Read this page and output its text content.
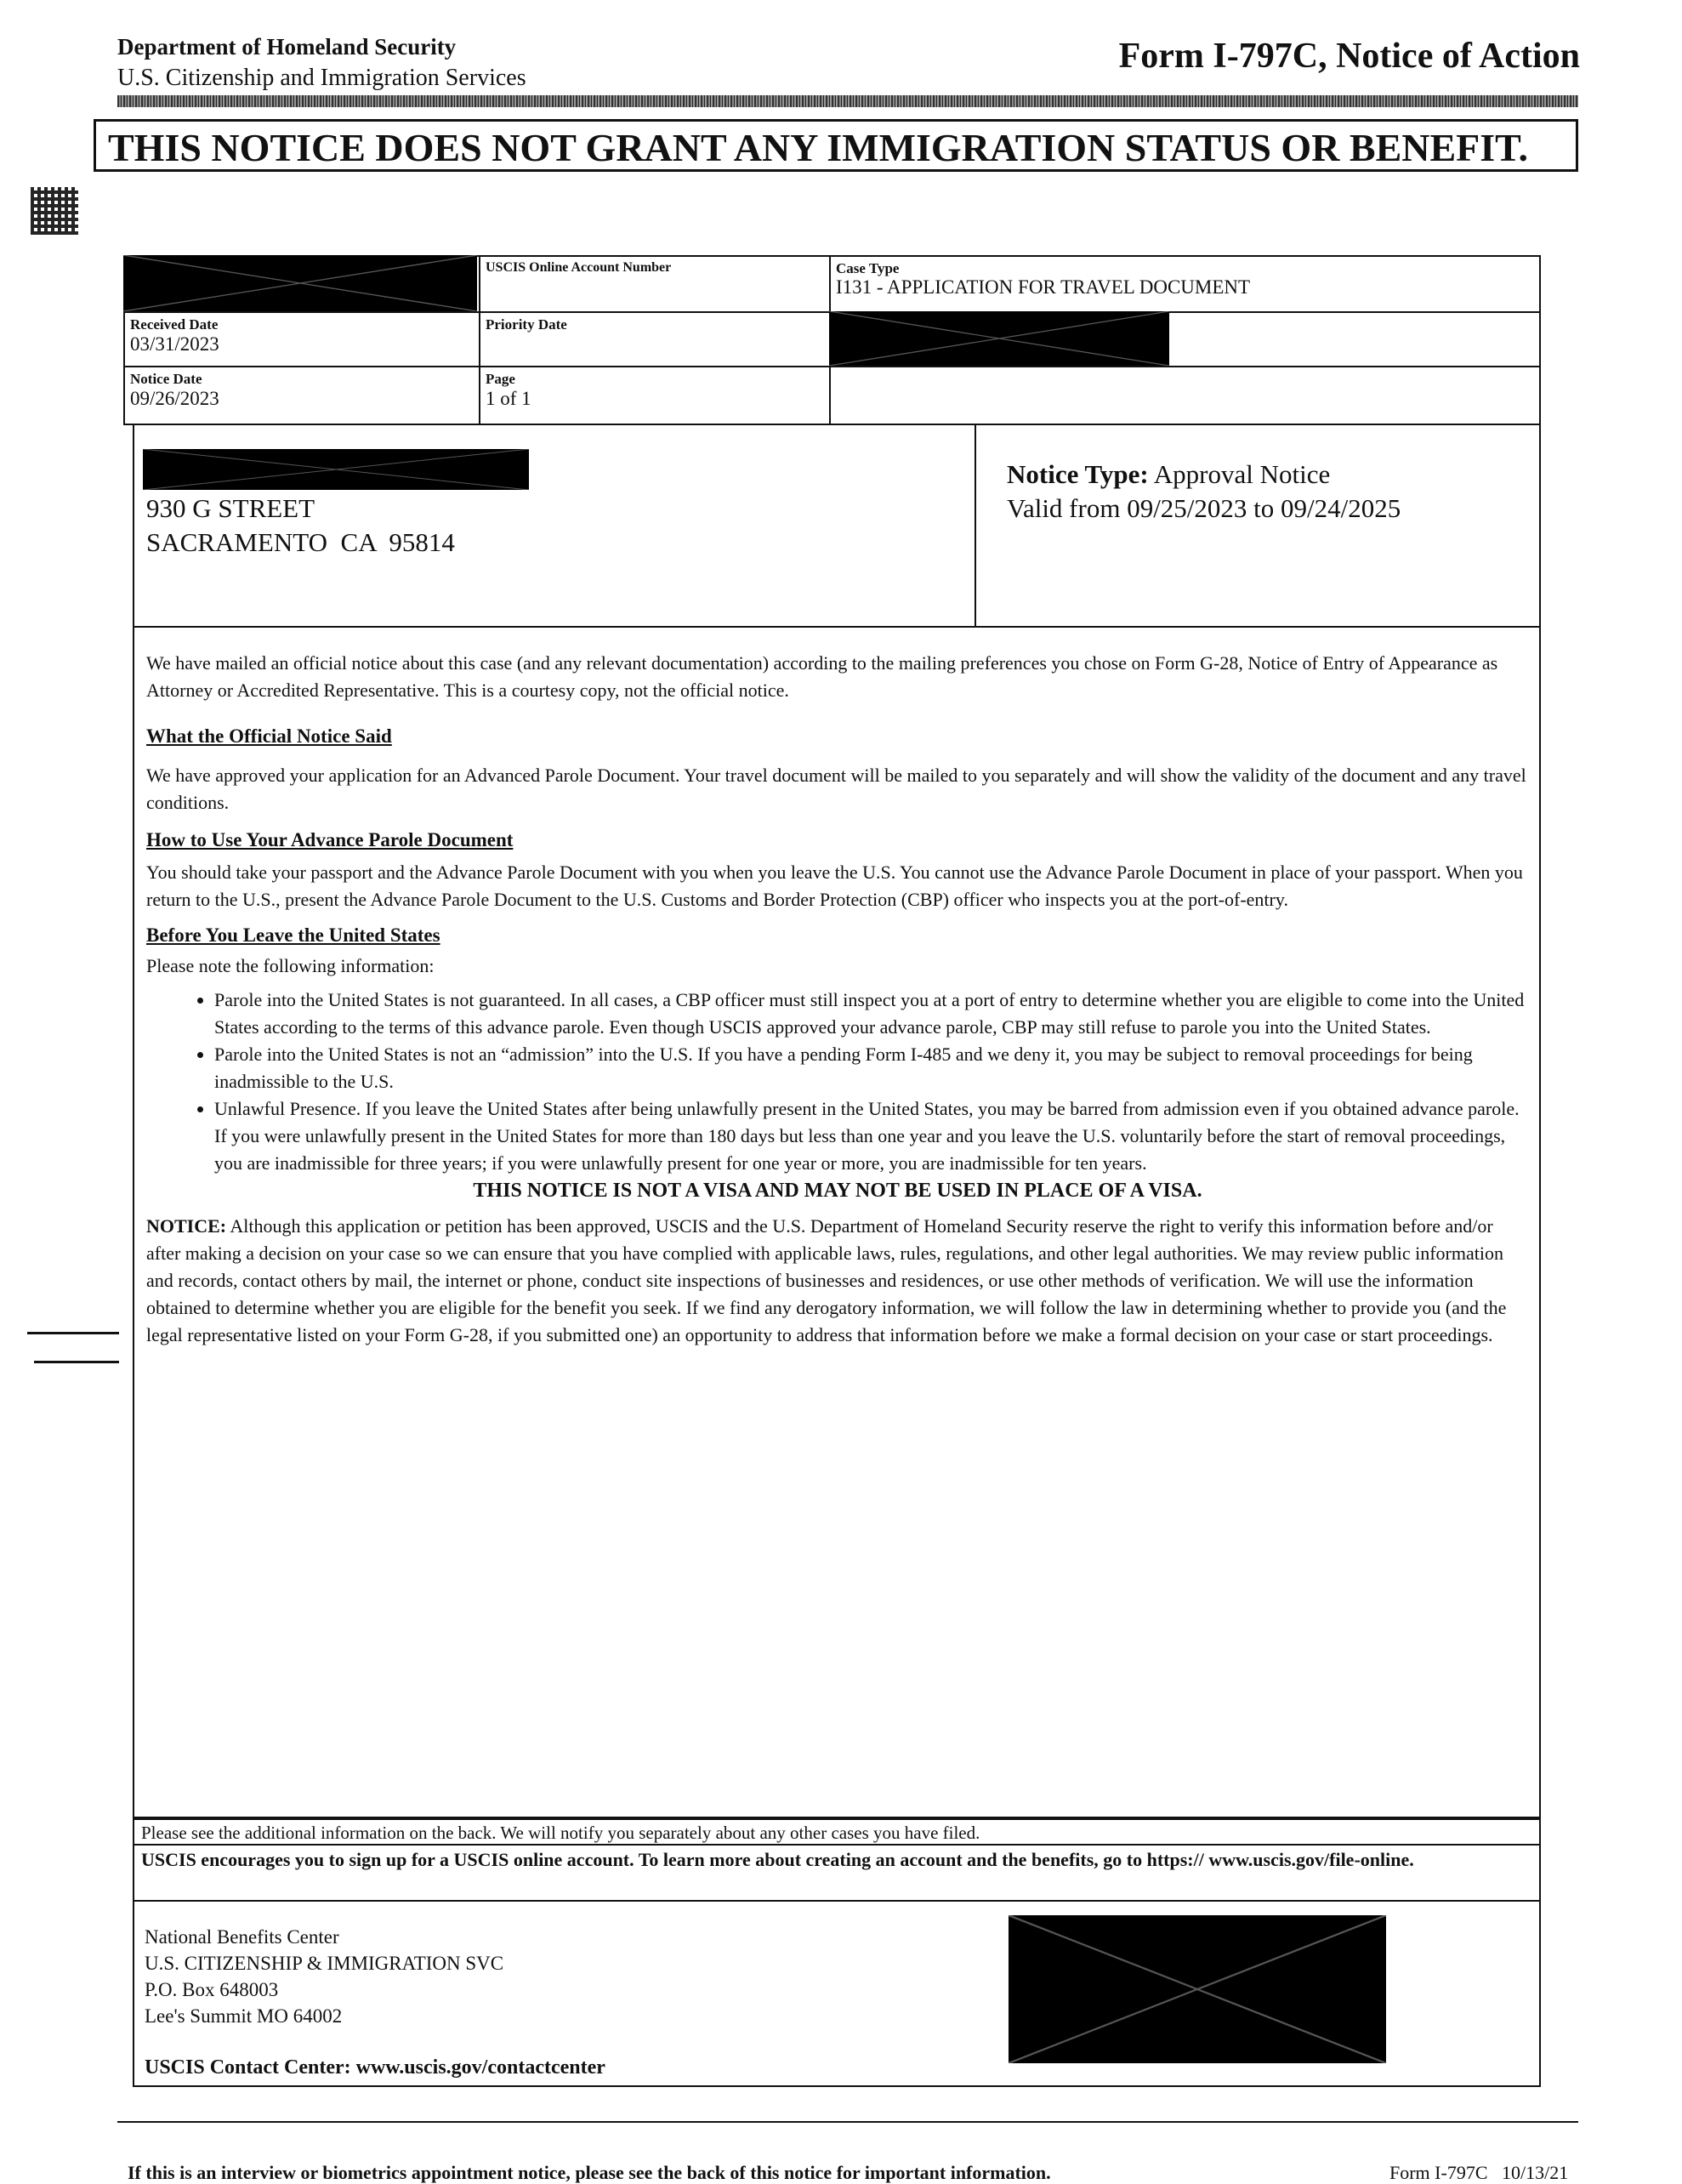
Department of Homeland Security
U.S. Citizenship and Immigration Services
Form I-797C, Notice of Action
THIS NOTICE DOES NOT GRANT ANY IMMIGRATION STATUS OR BENEFIT.
USCIS Online Account Number	Case Type
I131 - APPLICATION FOR TRAVEL DOCUMENT
Received Date
03/31/2023
Priority Date
Notice Date
09/26/2023
Page
1 of 1
930 G STREET
SACRAMENTO  CA  95814
Notice Type: Approval Notice
Valid from 09/25/2023 to 09/24/2025

We have mailed an official notice about this case (and any relevant documentation) according to the mailing preferences you chose on Form G-28, Notice of Entry of Appearance as Attorney or Accredited Representative. This is a courtesy copy, not the official notice.

What the Official Notice Said

We have approved your application for an Advanced Parole Document. Your travel document will be mailed to you separately and will show the validity of the document and any travel conditions.

How to Use Your Advance Parole Document

You should take your passport and the Advance Parole Document with you when you leave the U.S. You cannot use the Advance Parole Document in place of your passport. When you return to the U.S., present the Advance Parole Document to the U.S. Customs and Border Protection (CBP) officer who inspects you at the port-of-entry.

Before You Leave the United States

Please note the following information:

• Parole into the United States is not guaranteed. In all cases, a CBP officer must still inspect you at a port of entry to determine whether you are eligible to come into the United States according to the terms of this advance parole. Even though USCIS approved your advance parole, CBP may still refuse to parole you into the United States.
• Parole into the United States is not an “admission” into the U.S. If you have a pending Form I-485 and we deny it, you may be subject to removal proceedings for being inadmissible to the U.S.
• Unlawful Presence. If you leave the United States after being unlawfully present in the United States, you may be barred from admission even if you obtained advance parole. If you were unlawfully present in the United States for more than 180 days but less than one year and you leave the U.S. voluntarily before the start of removal proceedings, you are inadmissible for three years; if you were unlawfully present for one year or more, you are inadmissible for ten years.

THIS NOTICE IS NOT A VISA AND MAY NOT BE USED IN PLACE OF A VISA.

NOTICE: Although this application or petition has been approved, USCIS and the U.S. Department of Homeland Security reserve the right to verify this information before and/or after making a decision on your case so we can ensure that you have complied with applicable laws, rules, regulations, and other legal authorities. We may review public information and records, contact others by mail, the internet or phone, conduct site inspections of businesses and residences, or use other methods of verification. We will use the information obtained to determine whether you are eligible for the benefit you seek. If we find any derogatory information, we will follow the law in determining whether to provide you (and the legal representative listed on your Form G-28, if you submitted one) an opportunity to address that information before we make a formal decision on your case or start proceedings.

Please see the additional information on the back. We will notify you separately about any other cases you have filed.
USCIS encourages you to sign up for a USCIS online account. To learn more about creating an account and the benefits, go to https:// www.uscis.gov/file-online.
National Benefits Center
U.S. CITIZENSHIP & IMMIGRATION SVC
P.O. Box 648003
Lee's Summit MO 64002
USCIS Contact Center: www.uscis.gov/contactcenter
If this is an interview or biometrics appointment notice, please see the back of this notice for important information.	Form I-797C   10/13/21
